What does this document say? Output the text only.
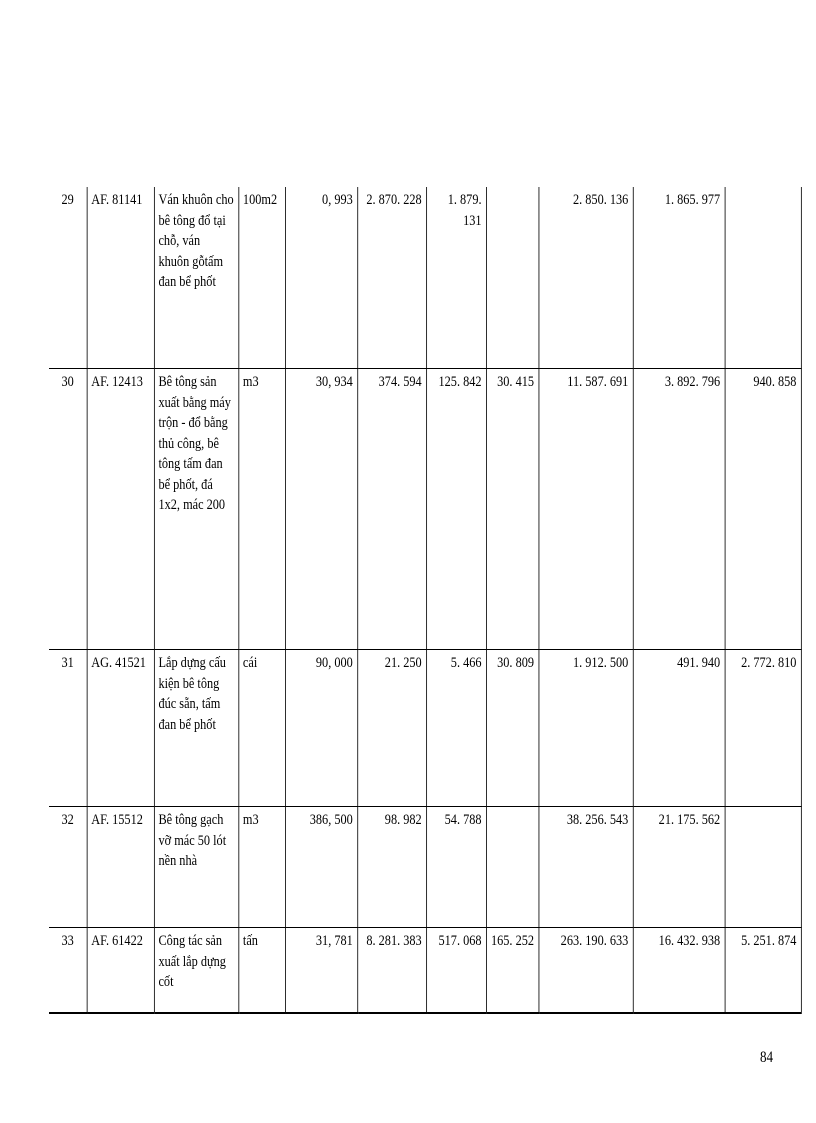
29	AF. 81141	Ván khuôn cho bê tông đổ tại chỗ, ván khuôn gỗtấm đan bể phốt	100m2	0, 993	2. 870. 228	1. 879. 131		2. 850. 136	1. 865. 977	
30	AF. 12413	Bê tông sản xuất bằng máy trộn - đổ bằng thủ công, bê tông tấm đan bể phốt, đá 1x2, mác 200	m3	30, 934	374. 594	125. 842	30. 415	11. 587. 691	3. 892. 796	940. 858
31	AG. 41521	Lắp dựng cấu kiện bê tông đúc sẵn, tấm đan bể phốt	cái	90, 000	21. 250	5. 466	30. 809	1. 912. 500	491. 940	2. 772. 810
32	AF. 15512	Bê tông gạch vỡ mác 50 lót nền nhà	m3	386, 500	98. 982	54. 788		38. 256. 543	21. 175. 562	
33	AF. 61422	Công tác sản xuất lắp dựng cốt	tấn	31, 781	8. 281. 383	517. 068	165. 252	263. 190. 633	16. 432. 938	5. 251. 874
84
